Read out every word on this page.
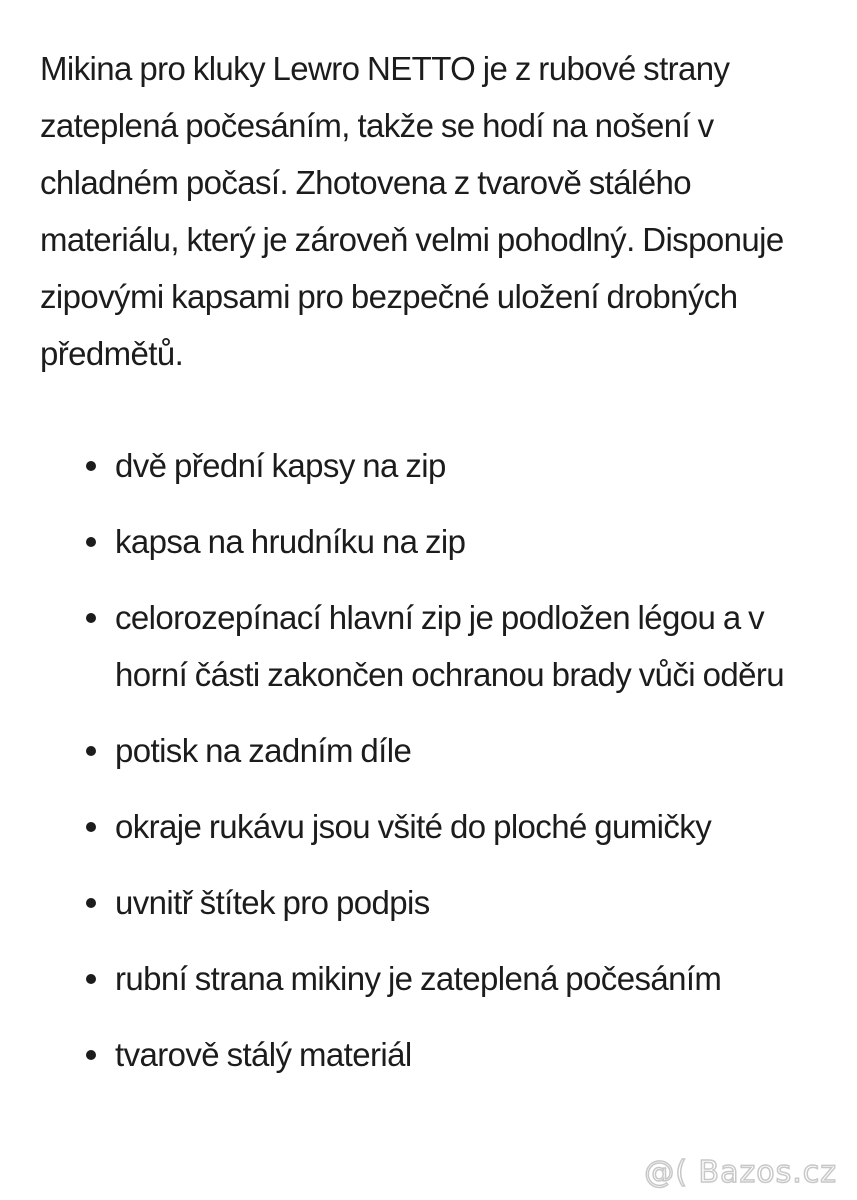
Mikina pro kluky Lewro NETTO je z rubové strany zateplená počesáním, takže se hodí na nošení v chladném počasí. Zhotovena z tvarově stálého materiálu, který je zároveň velmi pohodlný. Disponuje zipovými kapsami pro bezpečné uložení drobných předmětů.

dvě přední kapsy na zip
kapsa na hrudníku na zip
celorozepínací hlavní zip je podložen légou a v horní části zakončen ochranou brady vůči oděru
potisk na zadním díle
okraje rukávu jsou všité do ploché gumičky
uvnitř štítek pro podpis
rubní strana mikiny je zateplená počesáním
tvarově stálý materiál
@( Bazos.cz
